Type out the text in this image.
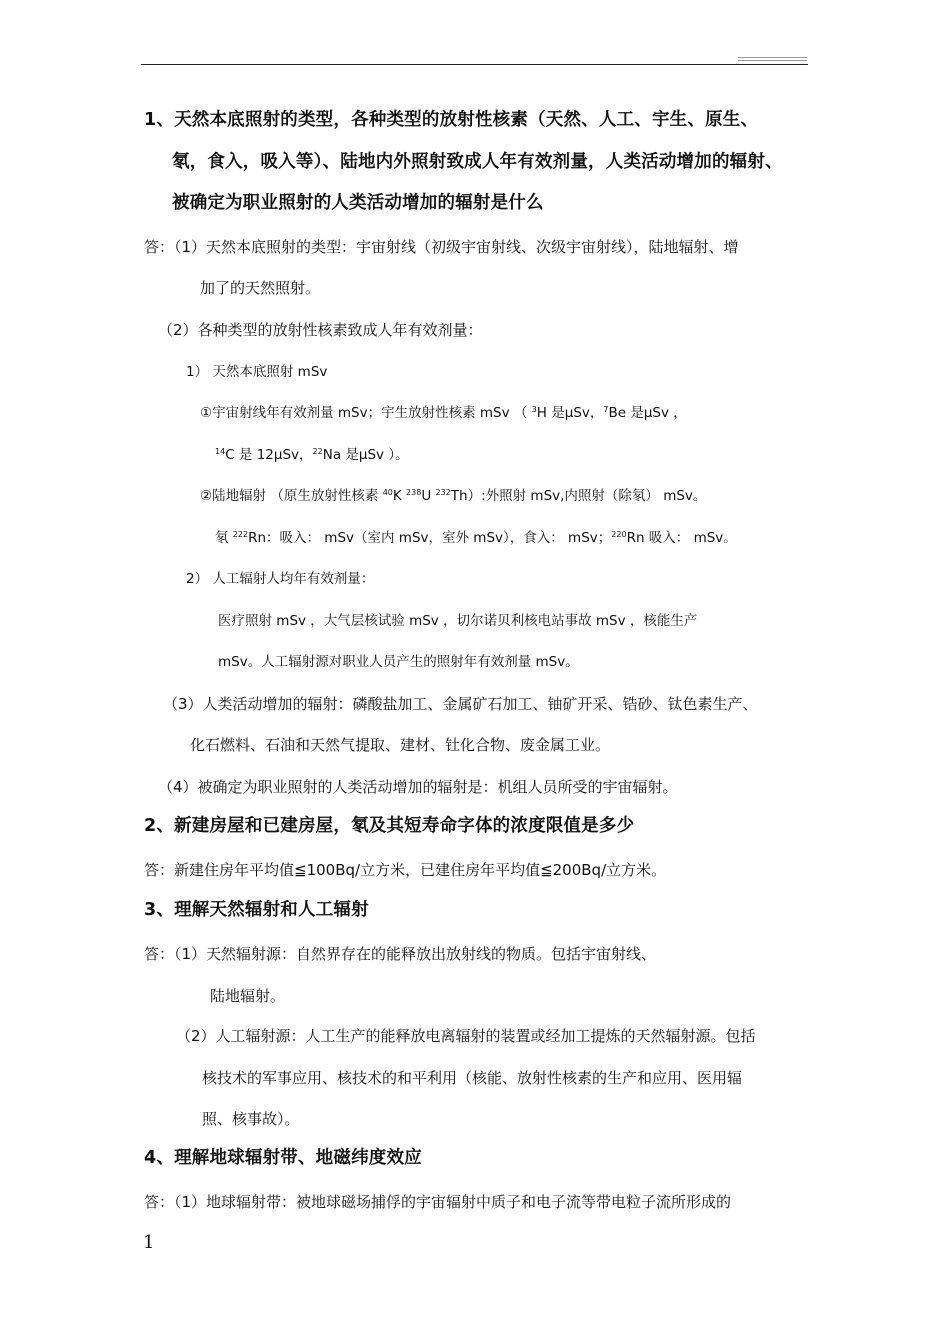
1、天然本底照射的类型，各种类型的放射性核素（天然、人工、宇生、原生、
氡，食入，吸入等）、陆地内外照射致成人年有效剂量，人类活动增加的辐射、
被确定为职业照射的人类活动增加的辐射是什么
答：（1）天然本底照射的类型：宇宙射线（初级宇宙射线、次级宇宙射线），陆地辐射、增
加了的天然照射。
（2）各种类型的放射性核素致成人年有效剂量：
1） 天然本底照射 mSv
①宇宙射线年有效剂量 mSv；宇生放射性核素 mSv （ $^3$H 是μSv，$^7$Be 是μSv ，
$^{14}$C 是 12μSv，$^{22}$Na 是μSv ）。
②陆地辐射 （原生放射性核素 $^{40}$K $^{238}$U $^{232}$Th）:外照射 mSv,内照射（除氡） mSv。
氡 $^{222}$Rn：吸入： mSv（室内 mSv，室外 mSv），食入： mSv；$^{220}$Rn 吸入： mSv。
2） 人工辐射人均年有效剂量：
医疗照射 mSv ，大气层核试验 mSv ，切尔诺贝利核电站事故 mSv ，核能生产
mSv。人工辐射源对职业人员产生的照射年有效剂量 mSv。
（3）人类活动增加的辐射：磷酸盐加工、金属矿石加工、铀矿开采、锆砂、钛色素生产、
化石燃料、石油和天然气提取、建材、钍化合物、废金属工业。
（4）被确定为职业照射的人类活动增加的辐射是：机组人员所受的宇宙辐射。
2、新建房屋和已建房屋，氡及其短寿命字体的浓度限值是多少
答：新建住房年平均值≦100Bq/立方米，已建住房年平均值≦200Bq/立方米。
3、理解天然辐射和人工辐射
答：（1）天然辐射源：自然界存在的能释放出放射线的物质。包括宇宙射线、
陆地辐射。
（2）人工辐射源：人工生产的能释放电离辐射的装置或经加工提炼的天然辐射源。包括
核技术的军事应用、核技术的和平利用（核能、放射性核素的生产和应用、医用辐
照、核事故）。
4、理解地球辐射带、地磁纬度效应
答：（1）地球辐射带：被地球磁场捕俘的宇宙辐射中质子和电子流等带电粒子流所形成的
1
